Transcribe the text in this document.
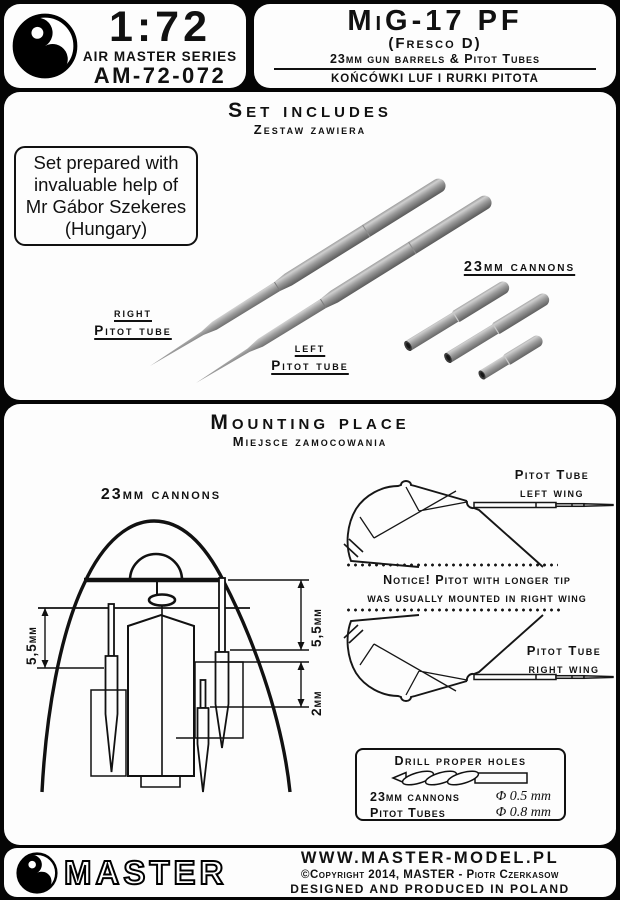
1:72
AIR MASTER SERIES
AM-72-072
MiG-17 PF
(Fresco D)
23mm gun barrels & Pitot Tubes
KOŃCÓWKI LUF I RURKI PITOTA
Set includes
Zestaw zawiera
Set prepared with
invaluable help of
Mr Gábor Szekeres
(Hungary)
right
Pitot tube
left
Pitot tube
23mm cannons
Mounting place
Miejsce zamocowania
23mm cannons
5,5mm	5,5mm
2mm
Pitot Tube
left wing
Notice! Pitot with longer tip
was usually mounted in right wing
Pitot Tube
right wing
Drill proper holes
23mm cannons	Φ 0.5 mm
Pitot Tubes	Φ 0.8 mm
MASTER	WWW.MASTER-MODEL.PL
©Copyright 2014, MASTER - Piotr Czerkasow
DESIGNED AND PRODUCED IN POLAND
